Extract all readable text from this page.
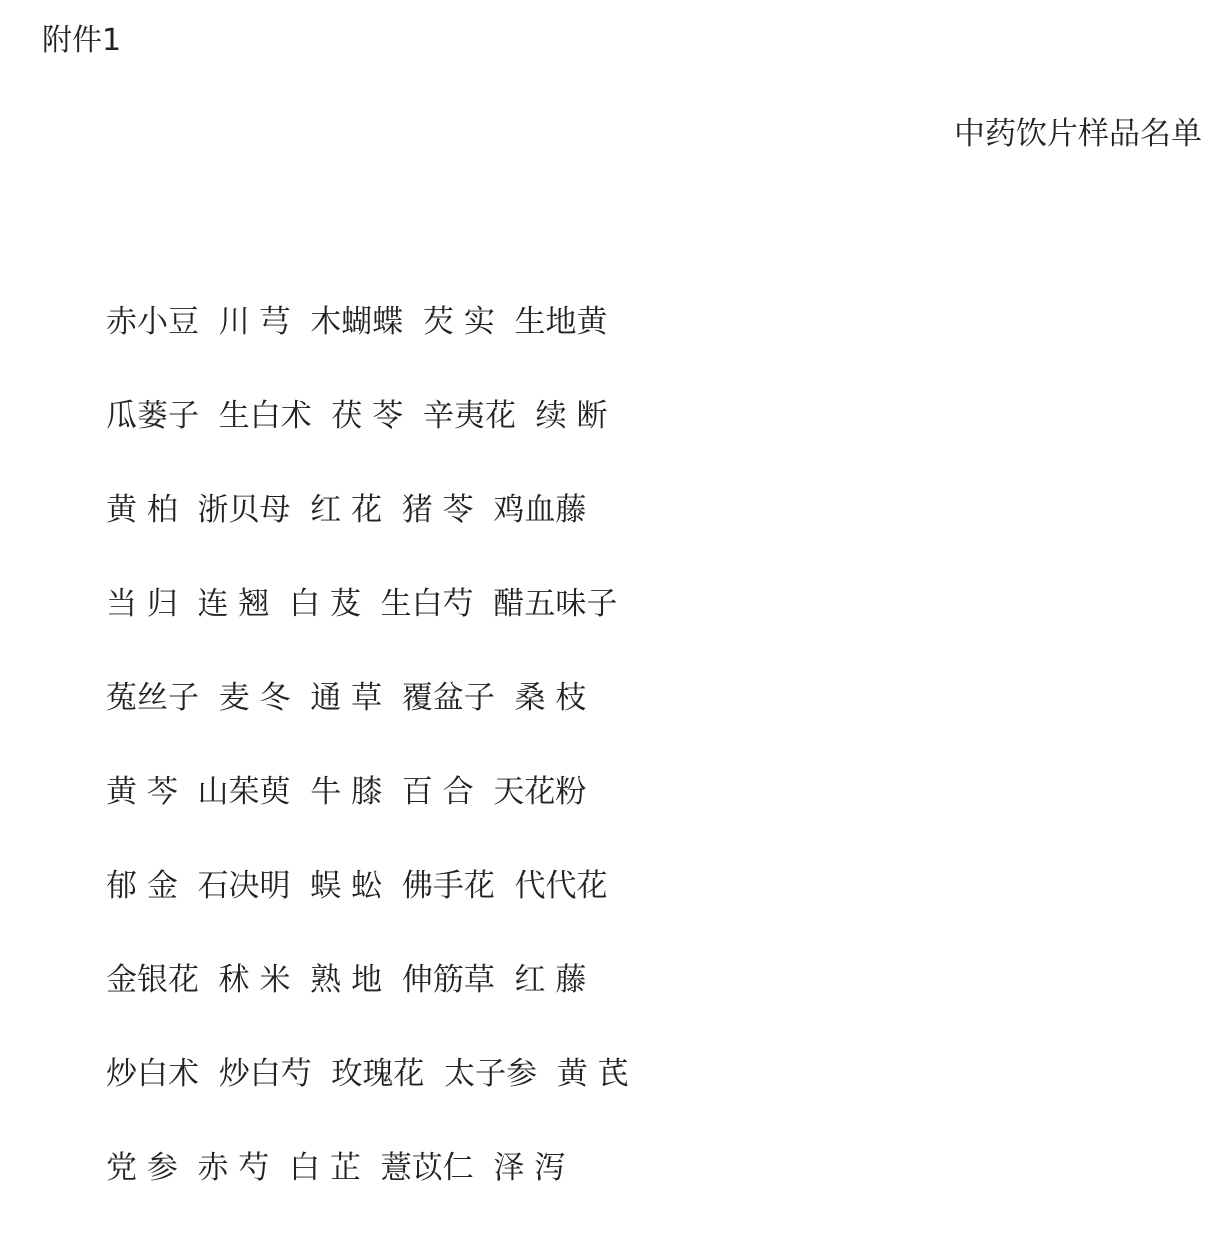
附件1
中药饮片样品名单
赤小豆  川 芎  木蝴蝶  芡 实  生地黄
瓜蒌子  生白术  茯 苓  辛夷花  续 断
黄 柏  浙贝母  红 花  猪 苓  鸡血藤
当 归  连 翘  白 芨  生白芍  醋五味子
菟丝子  麦 冬  通 草  覆盆子  桑 枝
黄 芩  山茱萸  牛 膝  百 合  天花粉
郁 金  石决明  蜈 蚣  佛手花  代代花
金银花  秫 米  熟 地  伸筋草  红 藤
炒白术  炒白芍  玫瑰花  太子参  黄 芪
党 参  赤 芍  白 芷  薏苡仁  泽 泻
